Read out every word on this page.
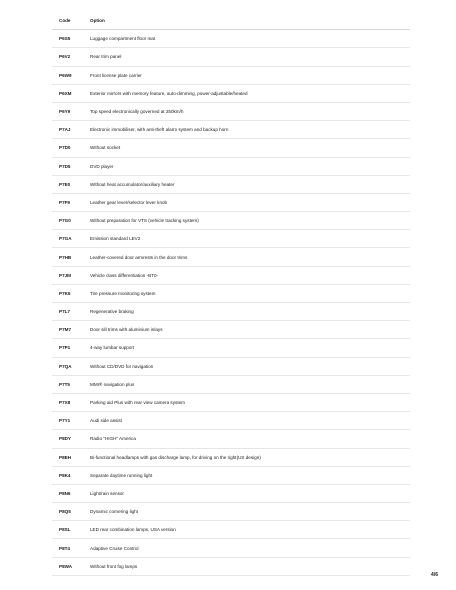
Code	Option
P6S5	Luggage compartment floor mat
P6V2	Rear trim panel
P6W9	Front license plate carrier
P6XM	Exterior mirrors with memory feature, auto-dimming, power-adjustable/heated
P6Y9	Top speed electronically governed at 250km/h
P7AJ	Electronic immobiliser, with anti-theft alarm system and backup horn
P7D0	Without socket
P7D5	DVD player
P7E0	Without heat accumulator/auxiliary heater
P7F9	Leather gear lever/selector lever knob
P7G0	Without preparation for VTS (vehicle tracking system)
P7GA	Emission standard LEV2
P7HB	Leather-covered door armrests in the door trims
P7JM	Vehicle class differentiation -BT0-
P7K6	Tire pressure monitoring system
P7L7	Regenerative braking
P7M7	Door sill trims with aluminium inlays
P7P1	4-way lumbar support
P7QA	Without CD/DVD for navigation
P7T5	MMI® navigation plus
P7X8	Parking aid Plus with rear view camera system
P7Y1	Audi side assist
P8DY	Radio "HIGH" America
P8EH	Bi-functional headlamps with gas discharge lamp, for driving on the right(US design)
P8K4	Separate daytime running light
P8N6	Light/rain sensor
P8Q5	Dynamic cornering light
P8SL	LED rear combination lamps, USA version
P8T4	Adaptive Cruise Control
P8WA	Without front fog lamps
4/6
